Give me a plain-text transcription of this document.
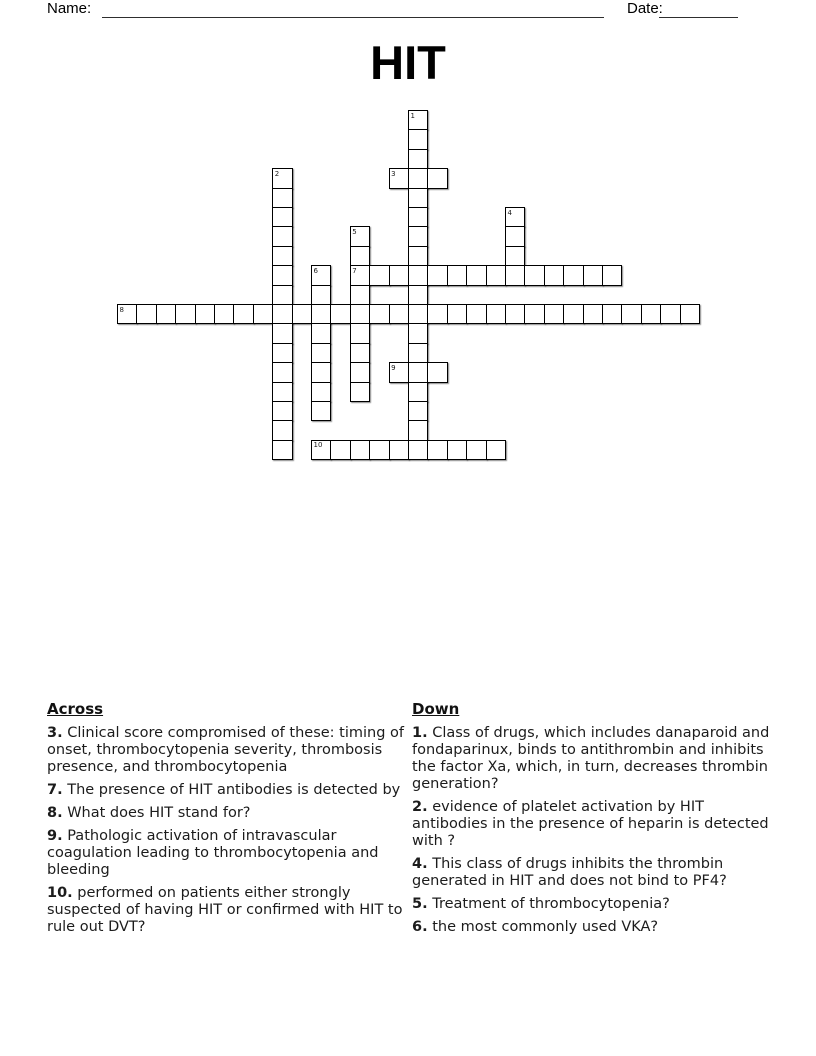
Name:	Date:
HIT
1
2	3
4
5
6	7
8
9
10
Across

3. Clinical score compromised of these: timing of onset, thrombocytopenia severity, thrombosis presence, and thrombocytopenia

7. The presence of HIT antibodies is detected by

8. What does HIT stand for?

9. Pathologic activation of intravascular coagulation leading to thrombocytopenia and bleeding

10. performed on patients either strongly suspected of having HIT or confirmed with HIT to rule out DVT?

Down

1. Class of drugs, which includes danaparoid and fondaparinux, binds to antithrombin and inhibits the factor Xa, which, in turn, decreases thrombin generation?

2. evidence of platelet activation by HIT antibodies in the presence of heparin is detected with ?

4. This class of drugs inhibits the thrombin generated in HIT and does not bind to PF4?

5. Treatment of thrombocytopenia?

6. the most commonly used VKA?
